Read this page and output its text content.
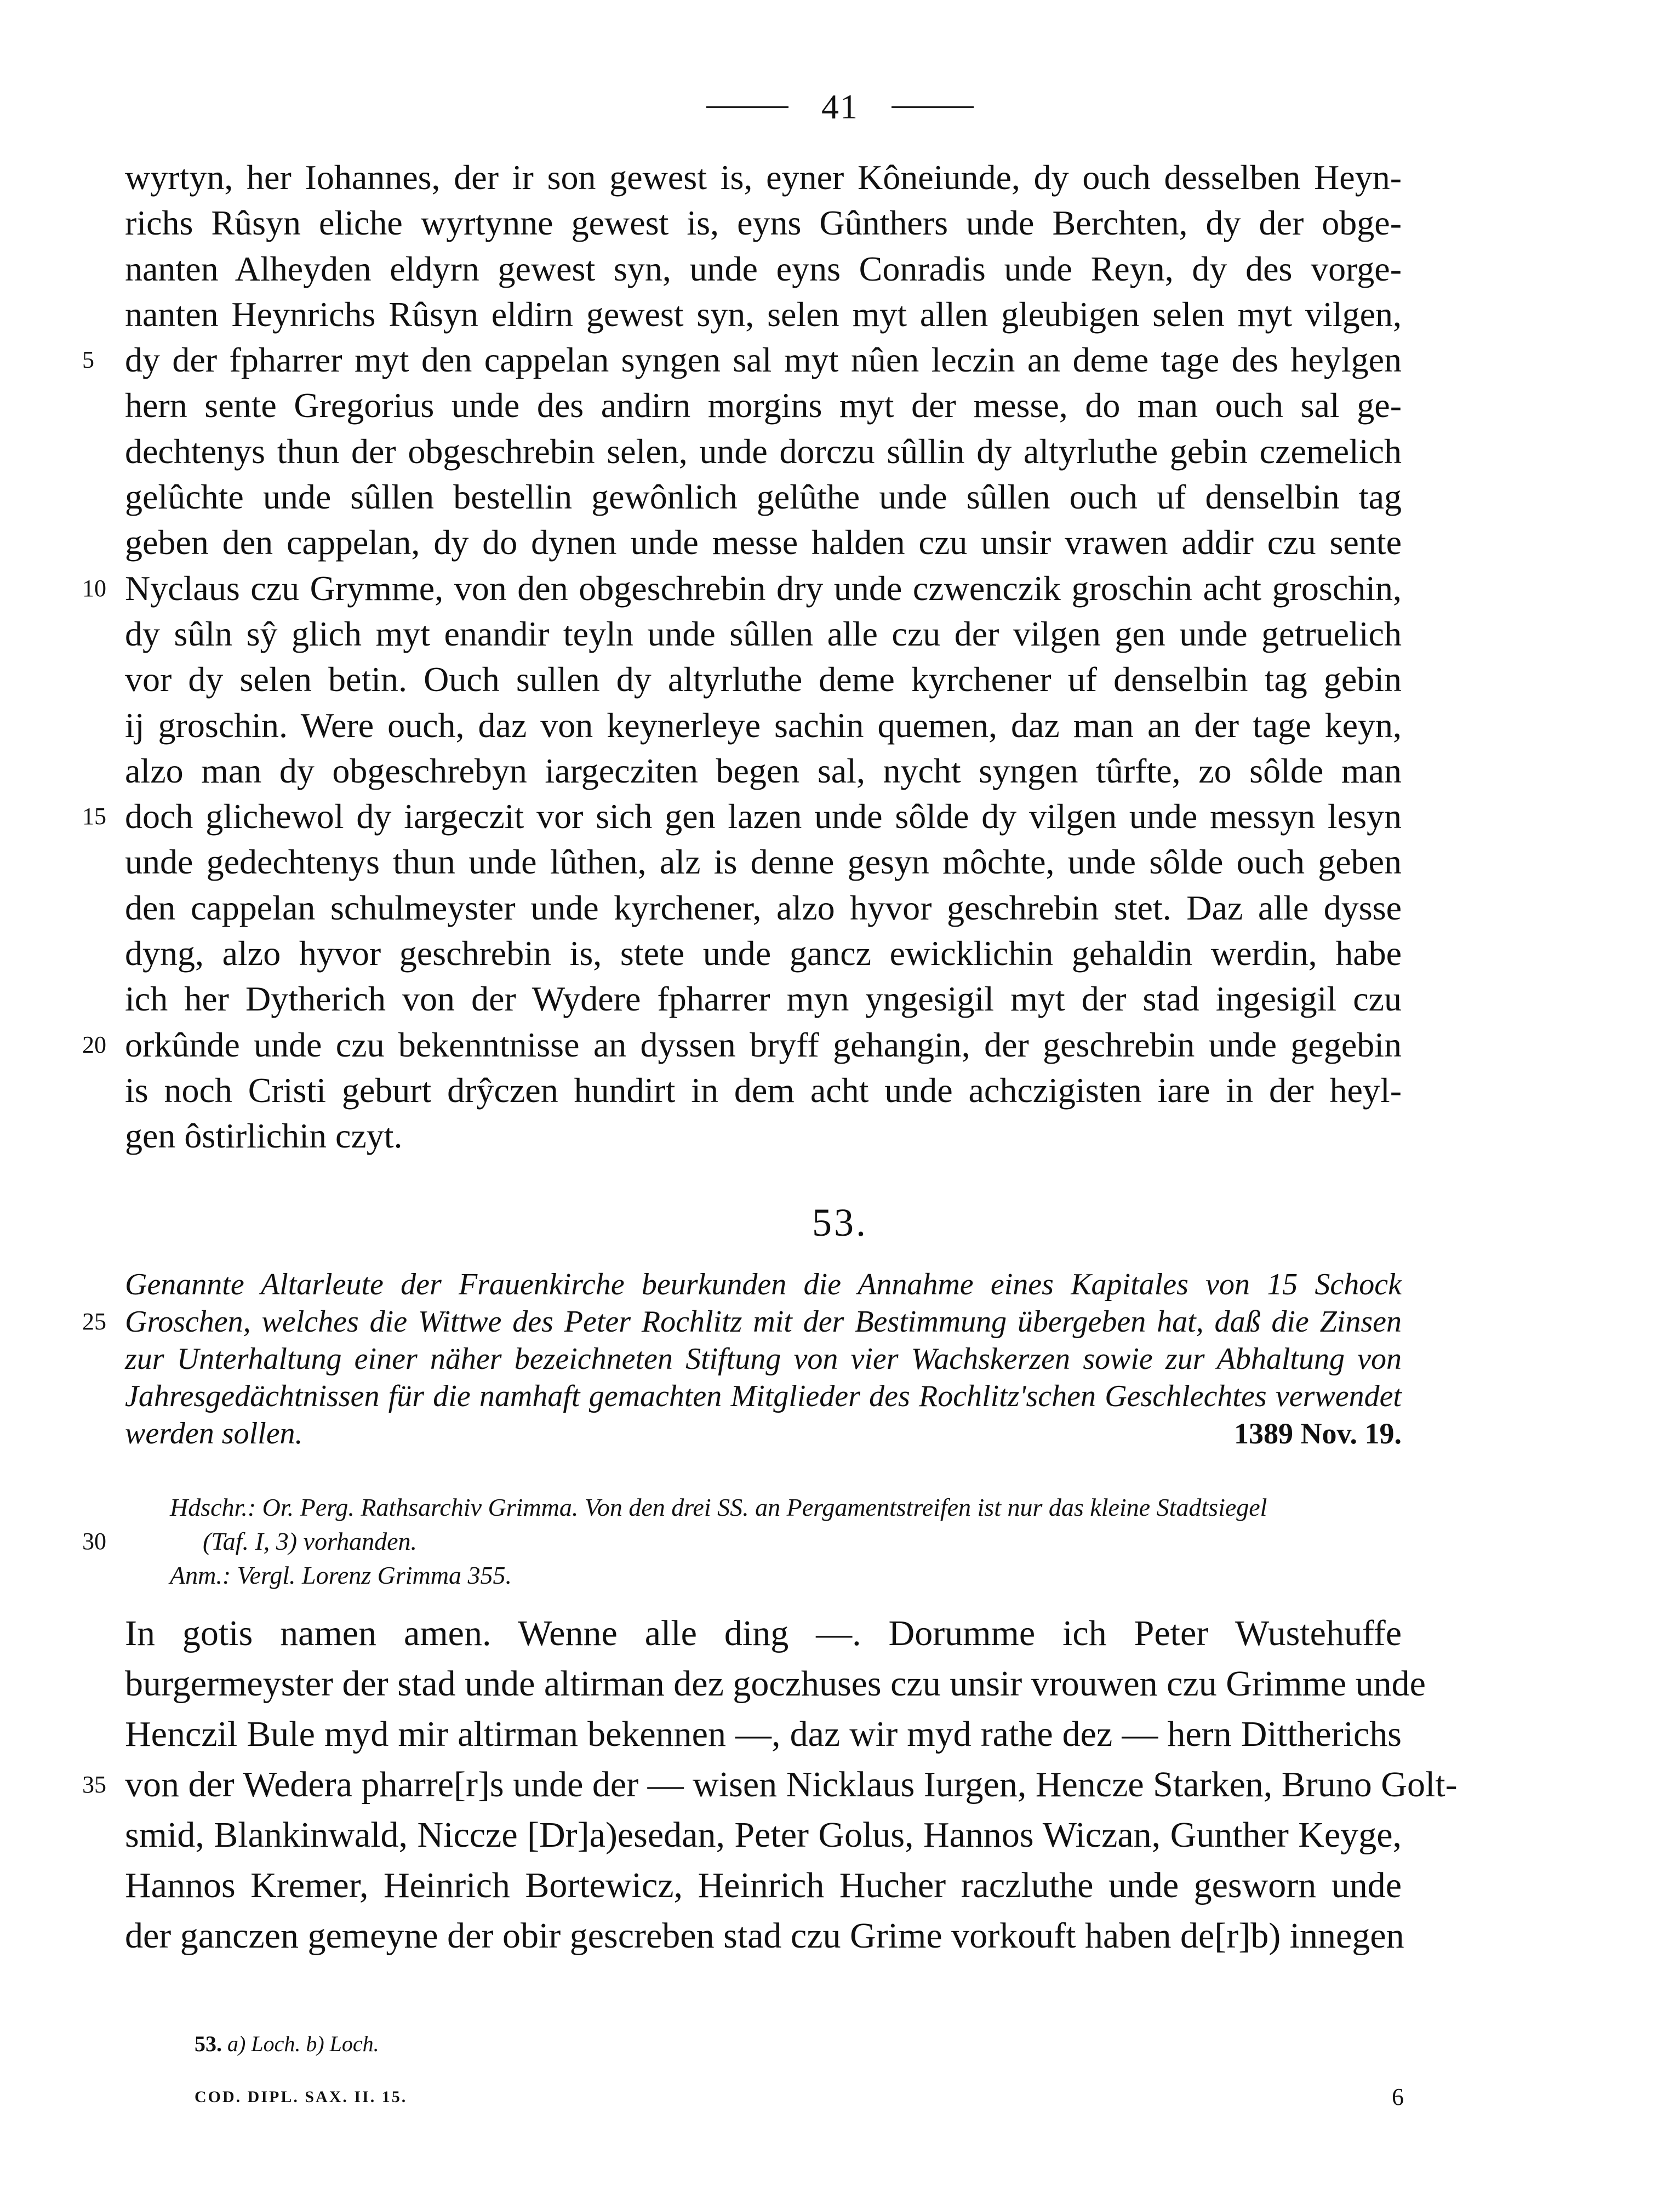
41
wyrtyn, her Iohannes, der ir son gewest is, eyner Kôneiunde, dy ouch desselben Heyn-
richs Rûsyn eliche wyrtynne gewest is, eyns Gûnthers unde Berchten, dy der obge-
nanten Alheyden eldyrn gewest syn, unde eyns Conradis unde Reyn, dy des vorge-
nanten Heynrichs Rûsyn eldirn gewest syn, selen myt allen gleubigen selen myt vilgen,
5 dy der fpharrer myt den cappelan syngen sal myt nûen leczin an deme tage des heylgen
hern sente Gregorius unde des andirn morgins myt der messe, do man ouch sal ge-
dechtenys thun der obgeschrebin selen, unde dorczu sûllin dy altyrluthe gebin czemelich
gelûchte unde sûllen bestellin gewônlich gelûthe unde sûllen ouch uf denselbin tag
geben den cappelan, dy do dynen unde messe halden czu unsir vrawen addir czu sente
10 Nyclaus czu Grymme, von den obgeschrebin dry unde czwenczik groschin acht groschin,
dy sûln sŷ glich myt enandir teyln unde sûllen alle czu der vilgen gen unde getruelich
vor dy selen betin. Ouch sullen dy altyrluthe deme kyrchener uf denselbin tag gebin
ij groschin. Were ouch, daz von keynerleye sachin quemen, daz man an der tage keyn,
alzo man dy obgeschrebyn iargecziten begen sal, nycht syngen tûrfte, zo sôlde man
15 doch glichewol dy iargeczit vor sich gen lazen unde sôlde dy vilgen unde messyn lesyn
unde gedechtenys thun unde lûthen, alz is denne gesyn môchte, unde sôlde ouch geben
den cappelan schulmeyster unde kyrchener, alzo hyvor geschrebin stet. Daz alle dysse
dyng, alzo hyvor geschrebin is, stete unde gancz ewicklichin gehaldin werdin, habe
ich her Dytherich von der Wydere fpharrer myn yngesigil myt der stad ingesigil czu
20 orkûnde unde czu bekenntnisse an dyssen bryff gehangin, der geschrebin unde gegebin
is noch Cristi geburt drŷczen hundirt in dem acht unde achczigisten iare in der heyl-
gen ôstirlichin czyt.
53.
Genannte Altarleute der Frauenkirche beurkunden die Annahme eines Kapitales von 15 Schock
25 Groschen, welches die Wittwe des Peter Rochlitz mit der Bestimmung übergeben hat, daß die Zinsen
zur Unterhaltung einer näher bezeichneten Stiftung von vier Wachskerzen sowie zur Abhaltung von
Jahresgedächtnissen für die namhaft gemachten Mitglieder des Rochlitz'schen Geschlechtes verwendet
werden sollen.	1389 Nov. 19.
Hdschr.: Or. Perg. Rathsarchiv Grimma. Von den drei SS. an Pergamentstreifen ist nur das kleine Stadtsiegel
30	(Taf. I, 3) vorhanden.
Anm.: Vergl. Lorenz Grimma 355.
In gotis namen amen. Wenne alle ding —. Dorumme ich Peter Wustehuffe
burgermeyster der stad unde altirman dez goczhuses czu unsir vrouwen czu Grimme unde
Henczil Bule myd mir altirman bekennen —, daz wir myd rathe dez — hern Dittherichs
35 von der Wedera pharre[r]s unde der — wisen Nicklaus Iurgen, Hencze Starken, Bruno Golt-
smid, Blankinwald, Niccze [Dr]a)esedan, Peter Golus, Hannos Wiczan, Gunther Keyge,
Hannos Kremer, Heinrich Bortewicz, Heinrich Hucher raczluthe unde gesworn unde
der ganczen gemeyne der obir gescreben stad czu Grime vorkouft haben de[r]b) innegen
53. a) Loch. b) Loch.
COD. DIPL. SAX. II. 15.	6
